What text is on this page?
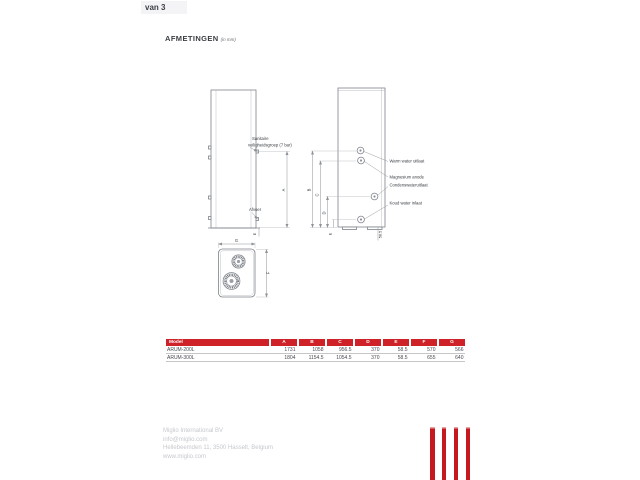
van 3
AFMETINGEN (in mm)
Sanitaire
veiligheidsgroep (7 bar)
A
Afvoer
E
Warm water uitlaat
Magnesium anode
Condenswateruitlaat
Koud water inlaat
B
C
D
E	58.5
G
F
Model	A	B	C	D	E	F	G
ARUM-200L	1731	1058	956.5	370	58.5	570	566
ARUM-300L	1804	1154.5	1054.5	370	58.5	655	640
Miglio International BV
info@miglio.com
Hellebeemden 11, 3500 Hasselt, Belgium
www.miglio.com
